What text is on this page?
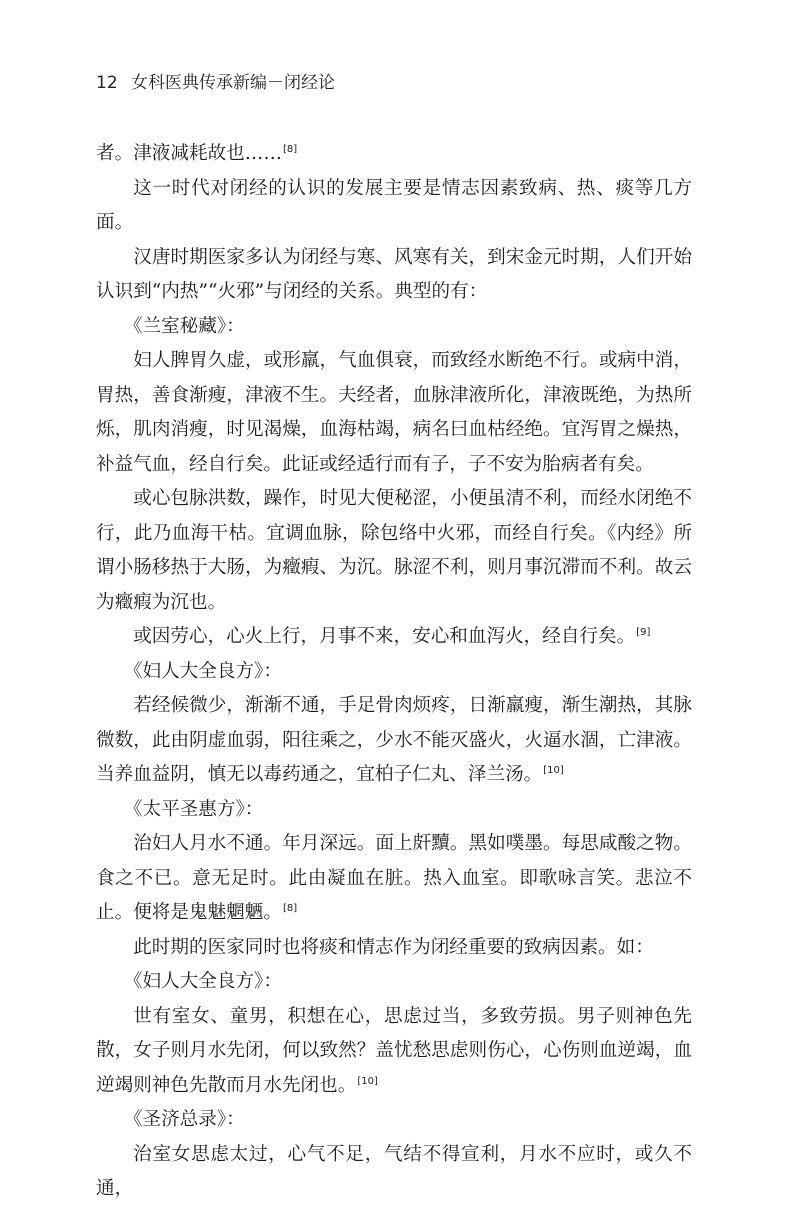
12 女科医典传承新编－闭经论

者。津液减耗故也……[8]

这一时代对闭经的认识的发展主要是情志因素致病、热、痰等几方面。

汉唐时期医家多认为闭经与寒、风寒有关，到宋金元时期，人们开始认识到“内热”“火邪”与闭经的关系。典型的有：

《兰室秘藏》：

妇人脾胃久虚，或形羸，气血俱衰，而致经水断绝不行。或病中消，胃热，善食渐瘦，津液不生。夫经者，血脉津液所化，津液既绝，为热所烁，肌肉消瘦，时见渴燥，血海枯竭，病名曰血枯经绝。宜泻胃之燥热，补益气血，经自行矣。此证或经适行而有子，子不安为胎病者有矣。

或心包脉洪数，躁作，时见大便秘涩，小便虽清不利，而经水闭绝不行，此乃血海干枯。宜调血脉，除包络中火邪，而经自行矣。《内经》所谓小肠移热于大肠，为癥瘕、为沉。脉涩不利，则月事沉滞而不利。故云为癥瘕为沉也。

或因劳心，心火上行，月事不来，安心和血泻火，经自行矣。[9]

《妇人大全良方》：

若经候微少，渐渐不通，手足骨肉烦疼，日渐羸瘦，渐生潮热，其脉微数，此由阴虚血弱，阳往乘之，少水不能灭盛火，火逼水涸，亡津液。当养血益阴，慎无以毒药通之，宜柏子仁丸、泽兰汤。[10]

《太平圣惠方》：

治妇人月水不通。年月深远。面上皯黷。黑如噗墨。每思咸酸之物。食之不已。意无足时。此由凝血在脏。热入血室。即歌咏言笑。悲泣不止。便将是鬼魅魍魉。[8]

此时期的医家同时也将痰和情志作为闭经重要的致病因素。如：

《妇人大全良方》：

世有室女、童男，积想在心，思虑过当，多致劳损。男子则神色先散，女子则月水先闭，何以致然？盖忧愁思虑则伤心，心伤则血逆竭，血逆竭则神色先散而月水先闭也。[10]

《圣济总录》：

治室女思虑太过，心气不足，气结不得宣利，月水不应时，或久不通，
